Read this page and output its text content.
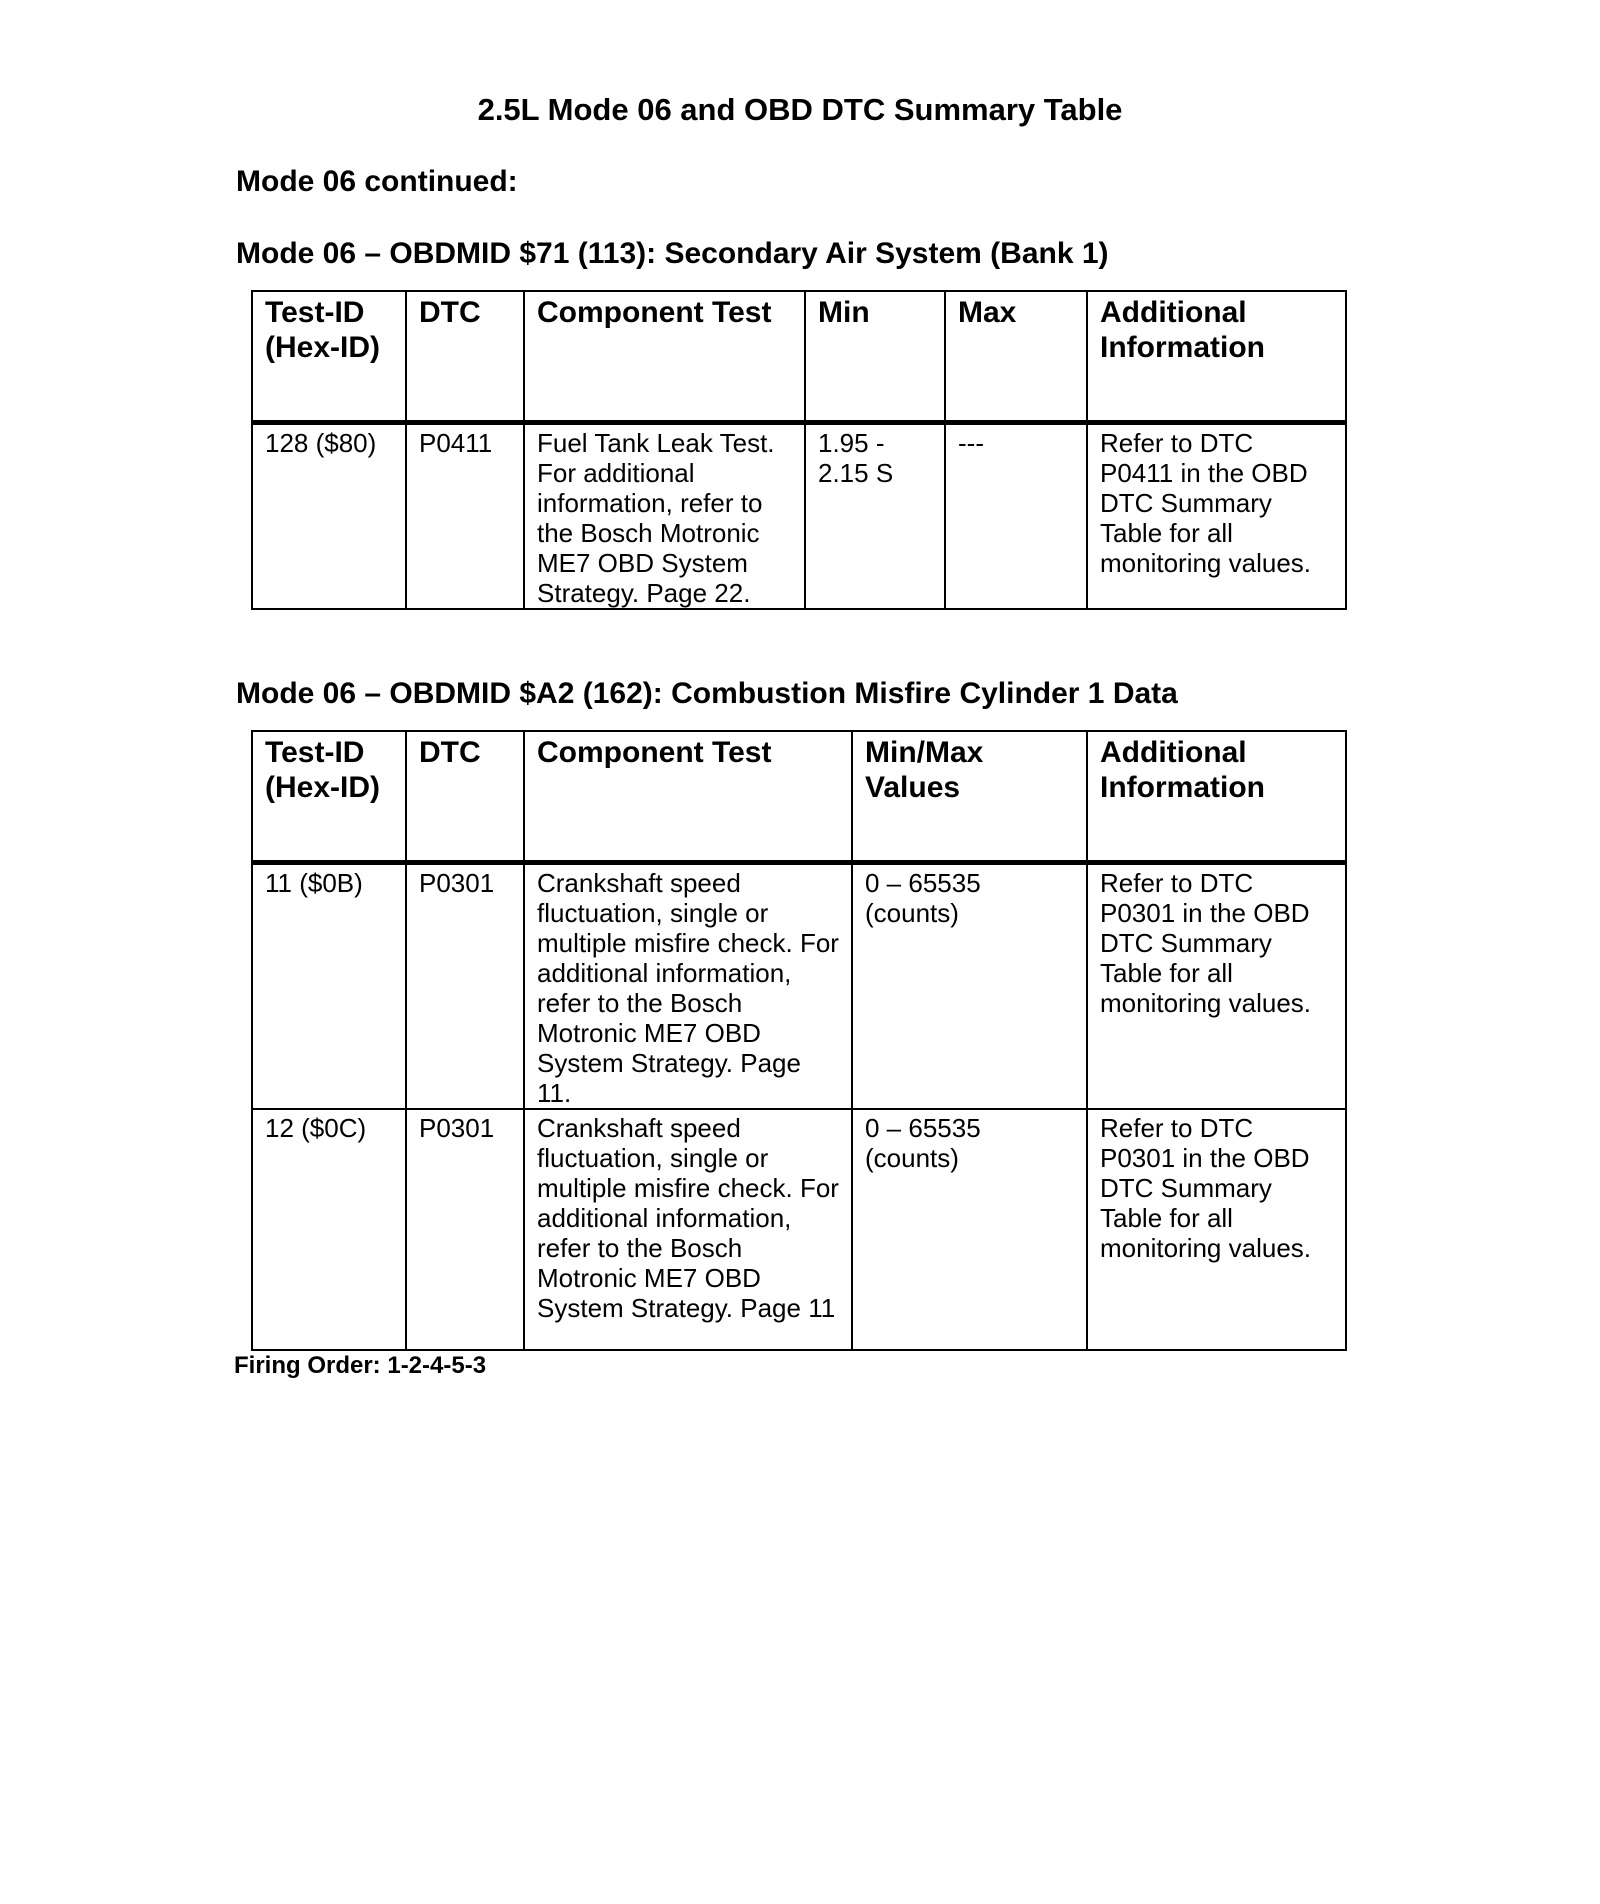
2.5L Mode 06 and OBD DTC Summary Table
Mode 06 continued:
Mode 06 – OBDMID $71 (113): Secondary Air System (Bank 1)
Test-ID (Hex-ID)	DTC	Component Test	Min	Max	Additional Information
128 ($80)	P0411	Fuel Tank Leak Test. For additional information, refer to the Bosch Motronic ME7 OBD System Strategy. Page 22.	1.95 - 2.15 S	---	Refer to DTC P0411 in the OBD DTC Summary Table for all monitoring values.
Mode 06 – OBDMID $A2 (162): Combustion Misfire Cylinder 1 Data
Test-ID (Hex-ID)	DTC	Component Test	Min/Max Values	Additional Information
11 ($0B)	P0301	Crankshaft speed fluctuation, single or multiple misfire check. For additional information, refer to the Bosch Motronic ME7 OBD System Strategy. Page 11.	0 – 65535 (counts)	Refer to DTC P0301 in the OBD DTC Summary Table for all monitoring values.
12 ($0C)	P0301	Crankshaft speed fluctuation, single or multiple misfire check. For additional information, refer to the Bosch Motronic ME7 OBD System Strategy. Page 11	0 – 65535 (counts)	Refer to DTC P0301 in the OBD DTC Summary Table for all monitoring values.
Firing Order: 1-2-4-5-3
